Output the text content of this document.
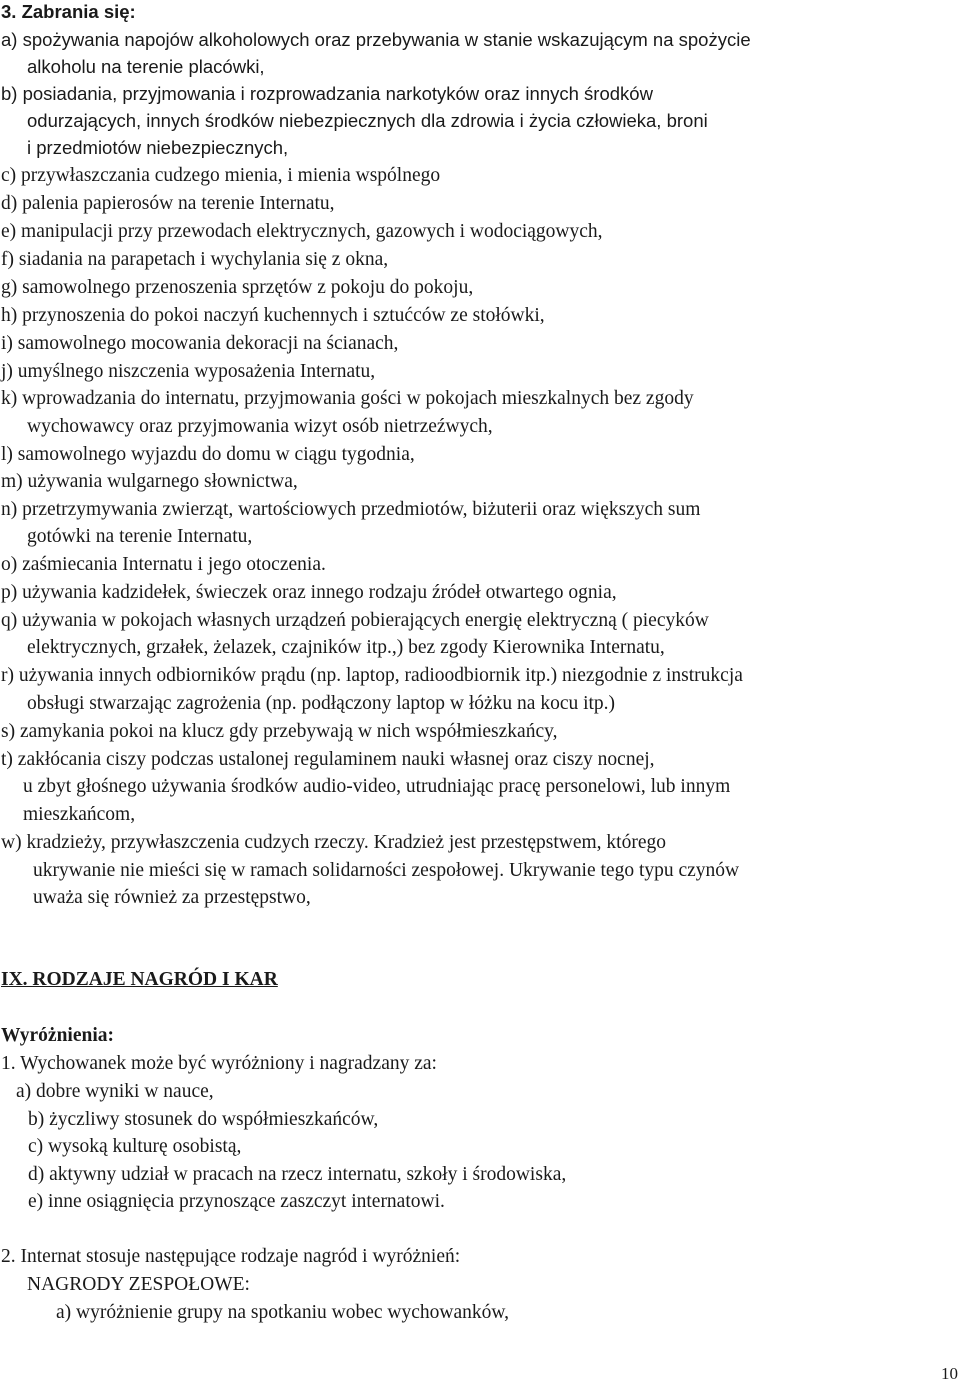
3. Zabrania się:
a) spożywania napojów alkoholowych oraz przebywania w stanie wskazującym na spożycie
alkoholu na terenie placówki,
b) posiadania, przyjmowania i rozprowadzania narkotyków oraz innych środków
odurzających, innych środków niebezpiecznych dla zdrowia i życia człowieka, broni
i przedmiotów niebezpiecznych,
c) przywłaszczania cudzego mienia, i mienia wspólnego
d) palenia papierosów na terenie Internatu,
e) manipulacji przy przewodach elektrycznych, gazowych i wodociągowych,
f) siadania na parapetach i wychylania się z okna,
g) samowolnego przenoszenia sprzętów z pokoju do pokoju,
h) przynoszenia do pokoi naczyń kuchennych i sztućców ze stołówki,
i) samowolnego mocowania dekoracji na ścianach,
j) umyślnego niszczenia wyposażenia Internatu,
k) wprowadzania do internatu, przyjmowania gości w pokojach mieszkalnych bez zgody
wychowawcy oraz przyjmowania wizyt osób nietrzeźwych,
l) samowolnego wyjazdu do domu w ciągu tygodnia,
m) używania wulgarnego słownictwa,
n) przetrzymywania zwierząt, wartościowych przedmiotów, biżuterii oraz większych sum
gotówki na terenie Internatu,
o) zaśmiecania Internatu i jego otoczenia.
p) używania kadzidełek, świeczek oraz innego rodzaju źródeł otwartego ognia,
q) używania w pokojach własnych urządzeń pobierających energię elektryczną ( piecyków
elektrycznych, grzałek, żelazek, czajników itp.,) bez zgody Kierownika Internatu,
r) używania innych odbiorników prądu (np. laptop, radioodbiornik itp.) niezgodnie z instrukcja
obsługi stwarzając zagrożenia (np. podłączony laptop w łóżku na kocu itp.)
s) zamykania pokoi na klucz gdy przebywają w nich współmieszkańcy,
t) zakłócania ciszy podczas ustalonej regulaminem nauki własnej oraz ciszy nocnej,
u zbyt głośnego używania środków audio-video, utrudniając pracę personelowi, lub innym
mieszkańcom,
w) kradzieży, przywłaszczenia cudzych rzeczy. Kradzież jest przestępstwem, którego
ukrywanie nie mieści się w ramach solidarności zespołowej. Ukrywanie tego typu czynów
uważa się również za przestępstwo,
IX. RODZAJE NAGRÓD I KAR
Wyróżnienia:
1. Wychowanek może być wyróżniony i nagradzany za:
a) dobre wyniki w nauce,
b) życzliwy stosunek do współmieszkańców,
c) wysoką kulturę osobistą,
d) aktywny udział w pracach na rzecz internatu, szkoły i środowiska,
e) inne osiągnięcia przynoszące zaszczyt internatowi.
2. Internat stosuje następujące rodzaje nagród i wyróżnień:
NAGRODY ZESPOŁOWE:
a) wyróżnienie grupy na spotkaniu wobec wychowanków,
10
